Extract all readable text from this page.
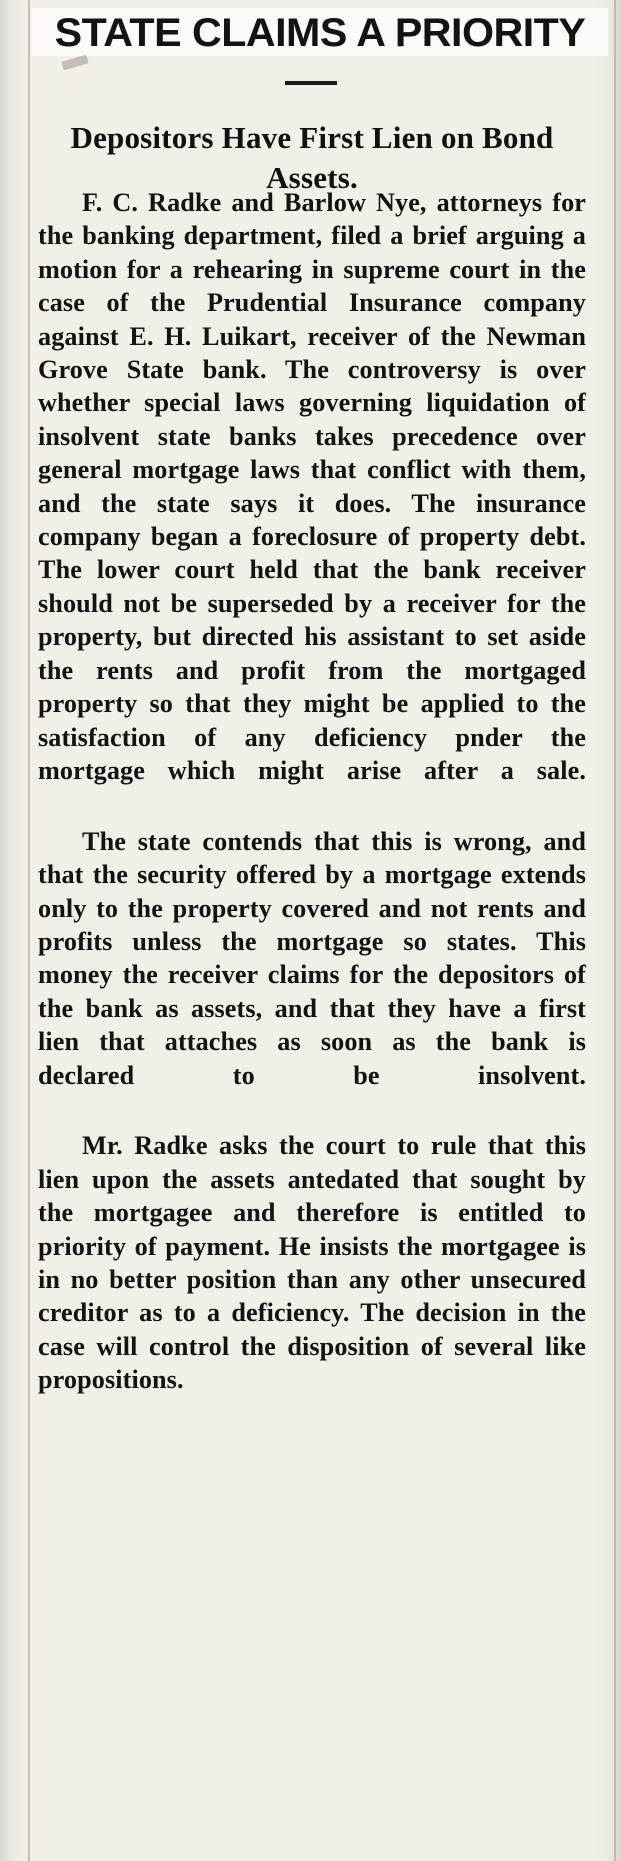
STATE CLAIMS A PRIORITY
Depositors Have First Lien on Bond Assets.

F. C. Radke and Barlow Nye, attorneys for the banking department, filed a brief arguing a motion for a rehearing in supreme court in the case of the Prudential Insurance company against E. H. Luikart, receiver of the Newman Grove State bank. The controversy is over whether special laws governing liquidation of insolvent state banks takes precedence over general mortgage laws that conflict with them, and the state says it does. The insurance company began a foreclosure of property debt. The lower court held that the bank receiver should not be superseded by a receiver for the property, but directed his assistant to set aside the rents and profit from the mortgaged property so that they might be applied to the satisfaction of any deficiency pnder the mortgage which might arise after a sale.

The state contends that this is wrong, and that the security offered by a mortgage extends only to the property covered and not rents and profits unless the mortgage so states. This money the receiver claims for the depositors of the bank as assets, and that they have a first lien that attaches as soon as the bank is declared to be insolvent.

Mr. Radke asks the court to rule that this lien upon the assets antedated that sought by the mortgagee and therefore is entitled to priority of payment. He insists the mortgagee is in no better position than any other unsecured creditor as to a deficiency. The decision in the case will control the disposition of several like propositions.
